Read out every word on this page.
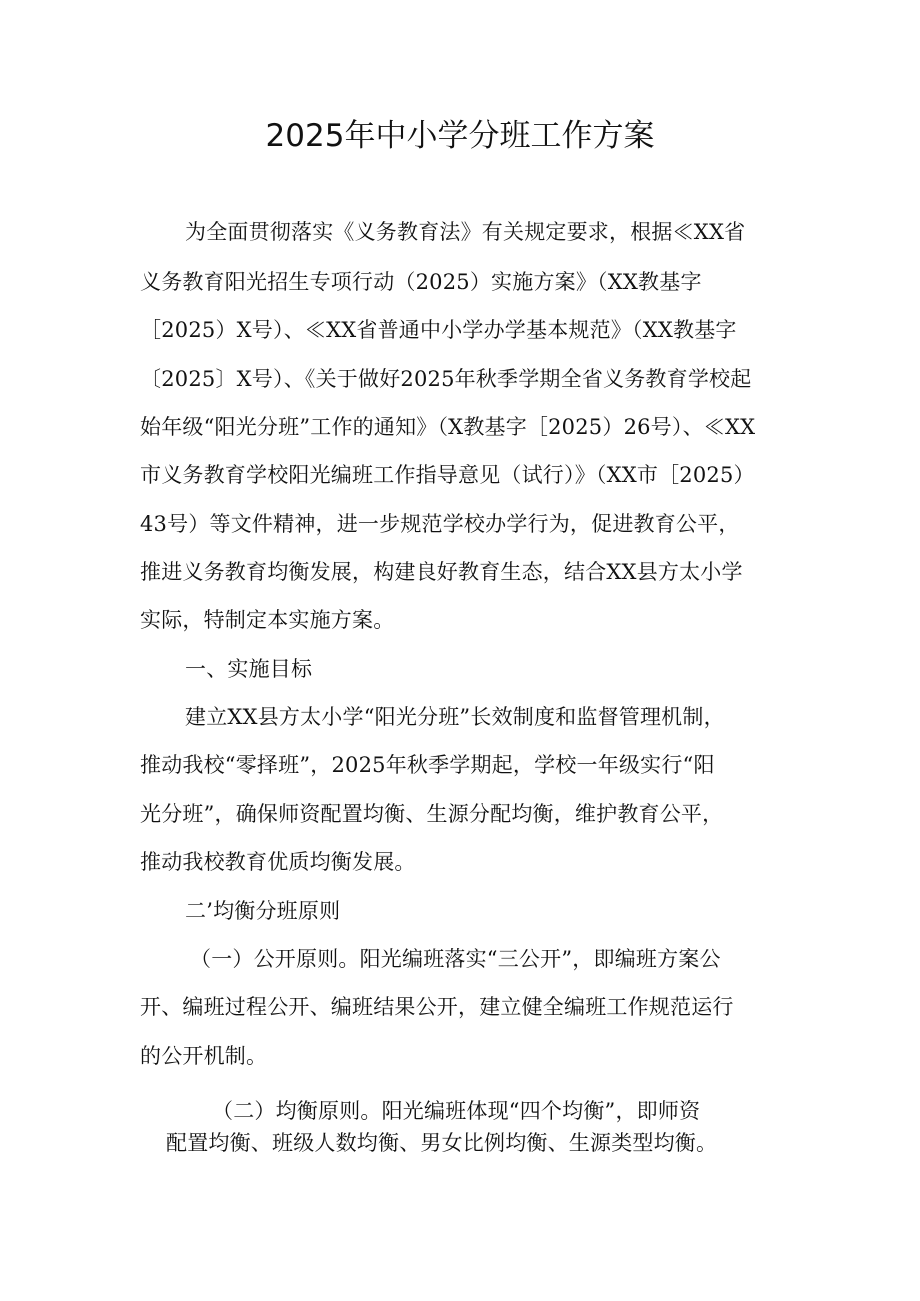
2025年中小学分班工作方案

为全面贯彻落实《义务教育法》有关规定要求，根据≪XX省

义务教育阳光招生专项行动（2025）实施方案》（XX教基字

［2025）X号）、≪XX省普通中小学办学基本规范》（XX教基字

〔2025〕X号）、《关于做好2025年秋季学期全省义务教育学校起

始年级“阳光分班”工作的通知》（X教基字［2025）26号）、≪XX

市义务教育学校阳光编班工作指导意见（试行）》（XX市［2025）

43号）等文件精神，进一步规范学校办学行为，促进教育公平，

推进义务教育均衡发展，构建良好教育生态，结合XX县方太小学

实际，特制定本实施方案。

一、实施目标

建立XX县方太小学“阳光分班”长效制度和监督管理机制，

推动我校“零择班”，2025年秋季学期起，学校一年级实行“阳

光分班”，确保师资配置均衡、生源分配均衡，维护教育公平，

推动我校教育优质均衡发展。

二’均衡分班原则

（一）公开原则。阳光编班落实“三公开”，即编班方案公

开、编班过程公开、编班结果公开，建立健全编班工作规范运行

的公开机制。

（二）均衡原则。阳光编班体现“四个均衡”，即师资

配置均衡、班级人数均衡、男女比例均衡、生源类型均衡。
